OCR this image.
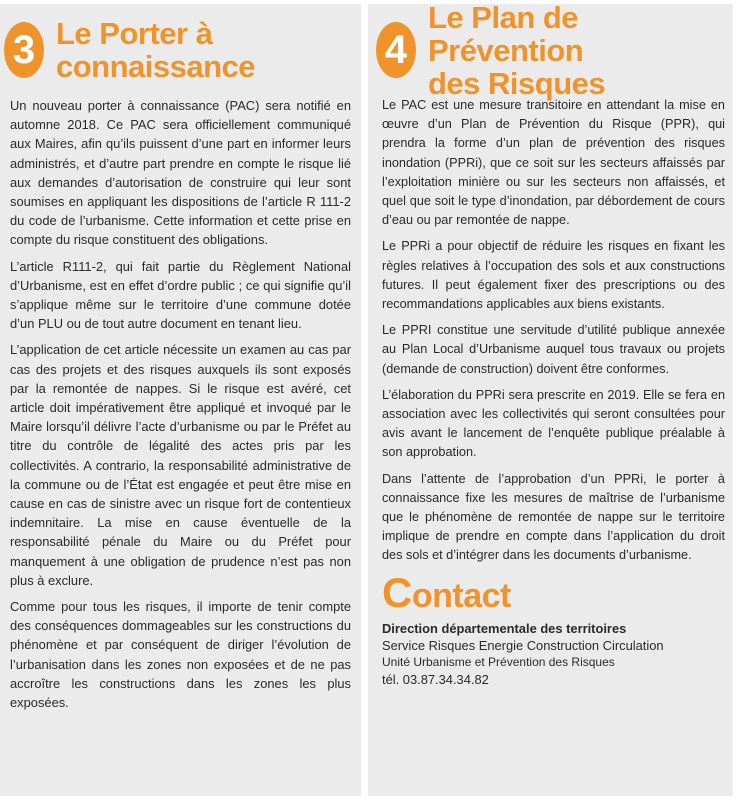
3 Le Porter à
connaissance

Un nouveau porter à connaissance (PAC) sera notifié en automne 2018. Ce PAC sera officiellement communiqué aux Maires, afin qu’ils puissent d’une part en informer leurs administrés, et d’autre part prendre en compte le risque lié aux demandes d’autorisation de construire qui leur sont soumises en appliquant les dispositions de l’article R 111-2 du code de l’urbanisme. Cette information et cette prise en compte du risque constituent des obligations.

L’article R111-2, qui fait partie du Règlement National d’Urbanisme, est en effet d’ordre public ; ce qui signifie qu’il s’applique même sur le territoire d’une commune dotée d’un PLU ou de tout autre document en tenant lieu.

L’application de cet article nécessite un examen au cas par cas des projets et des risques auxquels ils sont exposés par la remontée de nappes. Si le risque est avéré, cet article doit impérativement être appliqué et invoqué par le Maire lorsqu’il délivre l’acte d’urbanisme ou par le Préfet au titre du contrôle de légalité des actes pris par les collectivités. A contrario, la responsabilité administrative de la commune ou de l’État est engagée et peut être mise en cause en cas de sinistre avec un risque fort de contentieux indemnitaire. La mise en cause éventuelle de la responsabilité pénale du Maire ou du Préfet pour manquement à une obligation de prudence n’est pas non plus à exclure.

Comme pour tous les risques, il importe de tenir compte des conséquences dommageables sur les constructions du phénomène et par conséquent de diriger l’évolution de l’urbanisation dans les zones non exposées et de ne pas accroître les constructions dans les zones les plus exposées.

4
Le Plan de Prévention
des Risques

Le PAC est une mesure transitoire en attendant la mise en œuvre d’un Plan de Prévention du Risque (PPR), qui prendra la forme d’un plan de prévention des risques inondation (PPRi), que ce soit sur les secteurs affaissés par l’exploitation minière ou sur les secteurs non affaissés, et quel que soit le type d’inondation, par débordement de cours d’eau ou par remontée de nappe.

Le PPRi a pour objectif de réduire les risques en fixant les règles relatives à l’occupation des sols et aux constructions futures. Il peut également fixer des prescriptions ou des recommandations applicables aux biens existants.

Le PPRI constitue une servitude d’utilité publique annexée au Plan Local d’Urbanisme auquel tous travaux ou projets (demande de construction) doivent être conformes.

L’élaboration du PPRi sera prescrite en 2019. Elle se fera en association avec les collectivités qui seront consultées pour avis avant le lancement de l’enquête publique préalable à son approbation.

Dans l’attente de l’approbation d’un PPRi, le porter à connaissance fixe les mesures de maîtrise de l’urbanisme que le phénomène de remontée de nappe sur le territoire implique de prendre en compte dans l’application du droit des sols et d’intégrer dans les documents d’urbanisme.

Contact

Direction départementale des territoires

Service Risques Energie Construction Circulation

Unité Urbanisme et Prévention des Risques

tél. 03.87.34.34.82
